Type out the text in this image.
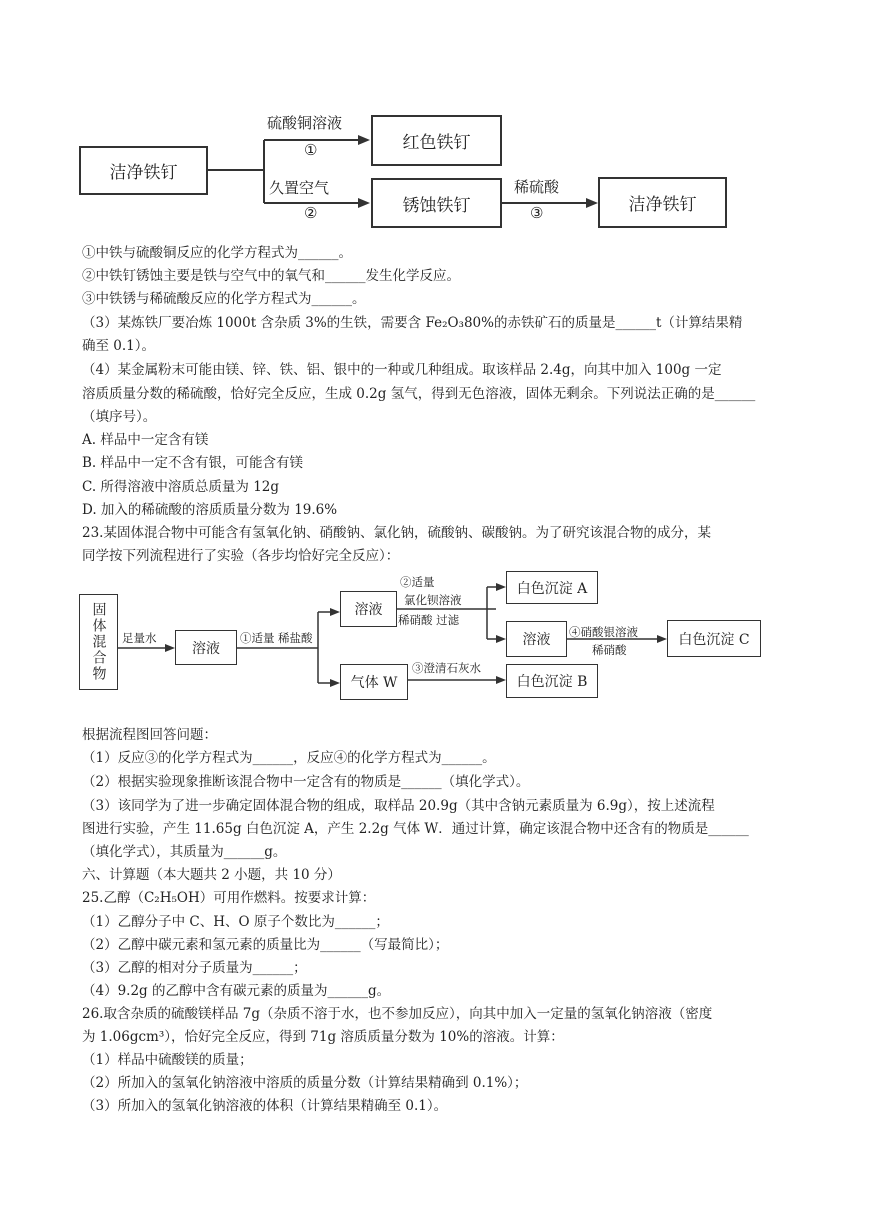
洁净铁钉
红色铁钉
锈蚀铁钉	洁净铁钉
硫酸铜溶液
①
久置空气
②
稀硫酸
③
①中铁与硫酸铜反应的化学方程式为______。
②中铁钉锈蚀主要是铁与空气中的氧气和______发生化学反应。
③中铁锈与稀硫酸反应的化学方程式为______。
（3）某炼铁厂要冶炼 1000t 含杂质 3%的生铁，需要含 Fe₂O₃80%的赤铁矿石的质量是______t（计算结果精
确至 0.1）。
（4）某金属粉末可能由镁、锌、铁、铝、银中的一种或几种组成。取该样品 2.4g，向其中加入 100g 一定
溶质质量分数的稀硫酸，恰好完全反应，生成 0.2g 氢气，得到无色溶液，固体无剩余。下列说法正确的是______
（填序号）。
A. 样品中一定含有镁
B. 样品中一定不含有银，可能含有镁
C. 所得溶液中溶质总质量为 12g
D. 加入的稀硫酸的溶质质量分数为 19.6%
23.某固体混合物中可能含有氢氧化钠、硝酸钠、氯化钠，硫酸钠、碳酸钠。为了研究该混合物的成分，某
同学按下列流程进行了实验（各步均恰好完全反应）：
固体混合物 足量水
溶液
①适量 稀盐酸
溶液
②适量
氯化钡溶液
稀硝酸 过滤
白色沉淀 A
溶液	④硝酸银溶液
稀硝酸
白色沉淀 C
气体 W
③澄清石灰水
白色沉淀 B
根据流程图回答问题：
（1）反应③的化学方程式为______，反应④的化学方程式为______。
（2）根据实验现象推断该混合物中一定含有的物质是______（填化学式）。
（3）该同学为了进一步确定固体混合物的组成，取样品 20.9g（其中含钠元素质量为 6.9g），按上述流程
图进行实验，产生 11.65g 白色沉淀 A，产生 2.2g 气体 W．通过计算，确定该混合物中还含有的物质是______
（填化学式），其质量为______g。
六、计算题（本大题共 2 小题，共 10 分）
25.乙醇（C₂H₅OH）可用作燃料。按要求计算：
（1）乙醇分子中 C、H、O 原子个数比为______；
（2）乙醇中碳元素和氢元素的质量比为______（写最简比）；
（3）乙醇的相对分子质量为______；
（4）9.2g 的乙醇中含有碳元素的质量为______g。
26.取含杂质的硫酸镁样品 7g（杂质不溶于水，也不参加反应），向其中加入一定量的氢氧化钠溶液（密度
为 1.06gcm³），恰好完全反应，得到 71g 溶质质量分数为 10%的溶液。计算：
（1）样品中硫酸镁的质量；
（2）所加入的氢氧化钠溶液中溶质的质量分数（计算结果精确到 0.1%）；
（3）所加入的氢氧化钠溶液的体积（计算结果精确至 0.1）。
